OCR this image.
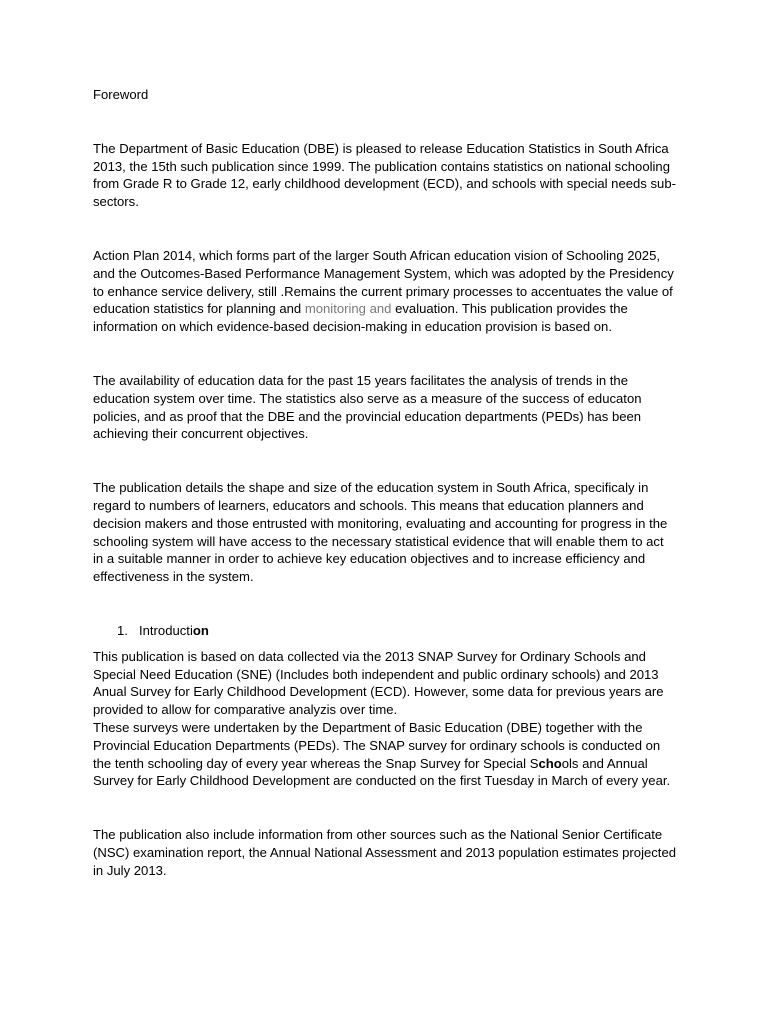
Foreword

The Department of Basic Education (DBE) is pleased to release Education Statistics in South Africa 2013, the 15th such publication since 1999. The publication contains statistics on national schooling from Grade R to Grade 12, early childhood development (ECD), and schools with special needs sub-sectors.

Action Plan 2014, which forms part of the larger South African education vision of Schooling 2025, and the Outcomes-Based Performance Management System, which was adopted by the Presidency to enhance service delivery, still .Remains the current primary processes to accentuates the value of education statistics for planning and monitoring and evaluation. This publication provides the information on which evidence-based decision-making in education provision is based on.

The availability of education data for the past 15 years facilitates the analysis of trends in the education system over time. The statistics also serve as a measure of the success of educaton policies, and as proof that the DBE and the provincial education departments (PEDs) has been achieving their concurrent objectives.

The publication details the shape and size of the education system in South Africa, specificaly in regard to numbers of learners, educators and schools. This means that education planners and decision makers and those entrusted with monitoring, evaluating and accounting for progress in the schooling system will have access to the necessary statistical evidence that will enable them to act in a suitable manner in order to achieve key education objectives and to increase efficiency and effectiveness in the system.

1. Introduction

This publication is based on data collected via the 2013 SNAP Survey for Ordinary Schools and Special Need Education (SNE) (Includes both independent and public ordinary schools) and 2013 Anual Survey for Early Childhood Development (ECD). However, some data for previous years are provided to allow for comparative analyzis over time.

These surveys were undertaken by the Department of Basic Education (DBE) together with the Provincial Education Departments (PEDs). The SNAP survey for ordinary schools is conducted on the tenth schooling day of every year whereas the Snap Survey for Special Schools and Annual Survey for Early Childhood Development are conducted on the first Tuesday in March of every year.

The publication also include information from other sources such as the National Senior Certificate (NSC) examination report, the Annual National Assessment and 2013 population estimates projected in July 2013.
